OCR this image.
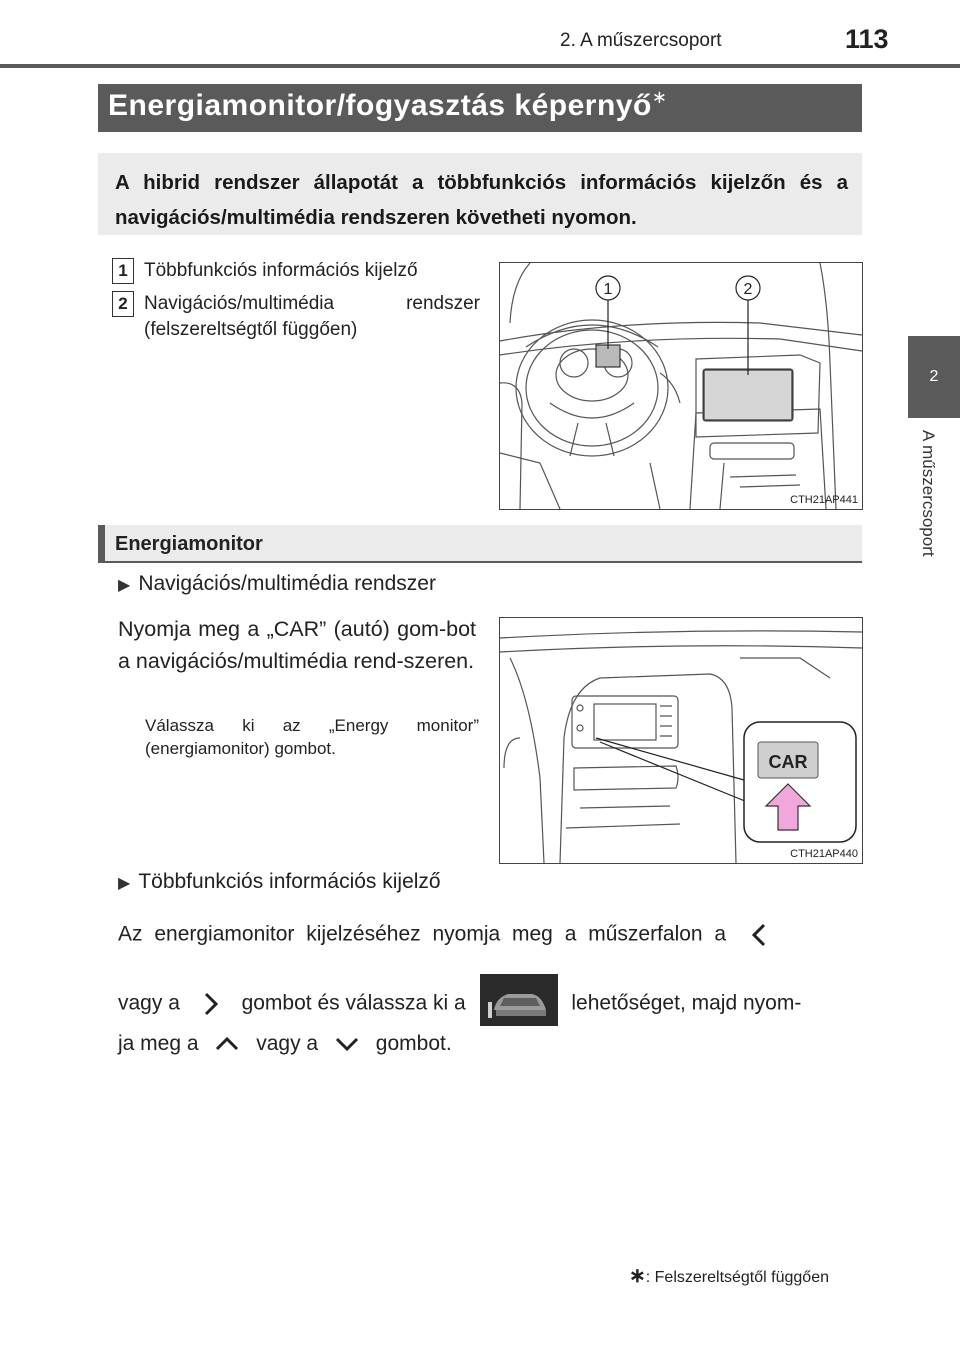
2. A műszercsoport	113
2
A műszercsoport
Energiamonitor/fogyasztás képernyő∗

A hibrid rendszer állapotát a többfunkciós információs kijelzőn és a navigációs/multimédia rendszeren követheti nyomon.

1 Többfunkciós információs kijelző
2 Navigációs/multimédia rendszer (felszereltségtől függően)
1	2
CTH21AP441
Energiamonitor
▶ Navigációs/multimédia rendszer
Nyomja meg a „CAR” (autó) gom-bot a navigációs/multimédia rend-szeren.
Válassza ki az „Energy monitor” (energiamonitor) gombot.
CAR
CTH21AP440
▶ Többfunkciós információs kijelző
Az energiamonitor kijelzéséhez nyomja meg a műszerfalon a
vagy a	gombot és válassza ki a	lehetőséget, majd nyom-
ja meg a	vagy a	gombot.
∗: Felszereltségtől függően
